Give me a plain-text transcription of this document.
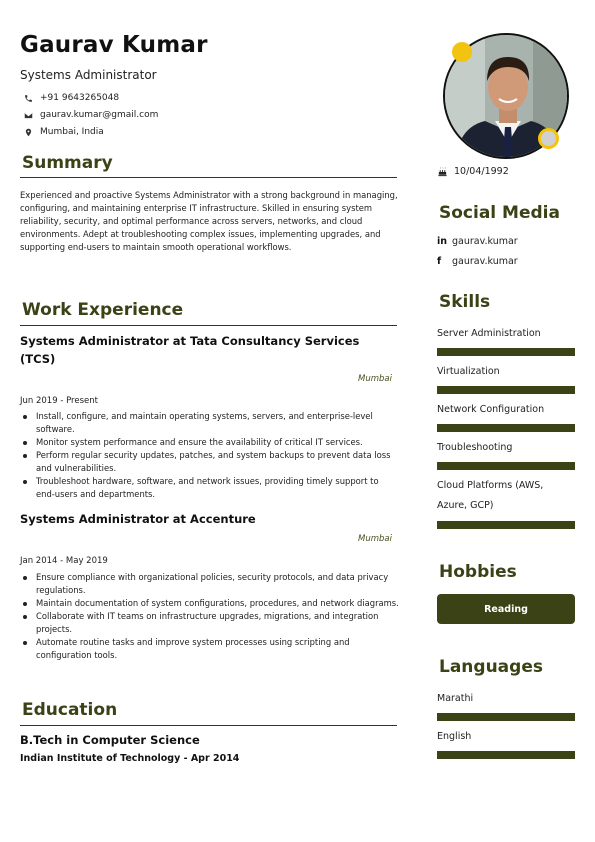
Gaurav Kumar
Systems Administrator
+91 9643265048
gaurav.kumar@gmail.com
Mumbai, India
Summary
Experienced and proactive Systems Administrator with a strong background in managing, configuring, and maintaining enterprise IT infrastructure. Skilled in ensuring system reliability, security, and optimal performance across servers, networks, and cloud environments. Adept at troubleshooting complex issues, implementing upgrades, and supporting end-users to maintain smooth operational workflows.
Work Experience
Systems Administrator at Tata Consultancy Services (TCS)
Mumbai
Jun 2019 - Present
Install, configure, and maintain operating systems, servers, and enterprise-level software.
Monitor system performance and ensure the availability of critical IT services.
Perform regular security updates, patches, and system backups to prevent data loss and vulnerabilities.
Troubleshoot hardware, software, and network issues, providing timely support to end-users and departments.
Systems Administrator at Accenture
Mumbai
Jan 2014 - May 2019
Ensure compliance with organizational policies, security protocols, and data privacy regulations.
Maintain documentation of system configurations, procedures, and network diagrams.
Collaborate with IT teams on infrastructure upgrades, migrations, and integration projects.
Automate routine tasks and improve system processes using scripting and configuration tools.
Education
B.Tech in Computer Science
Indian Institute of Technology - Apr 2014
10/04/1992
Social Media
in gaurav.kumar
f	gaurav.kumar
Skills
Server Administration
Virtualization
Network Configuration
Troubleshooting
Cloud Platforms (AWS, Azure, GCP)
Hobbies
Reading
Languages
Marathi
English
